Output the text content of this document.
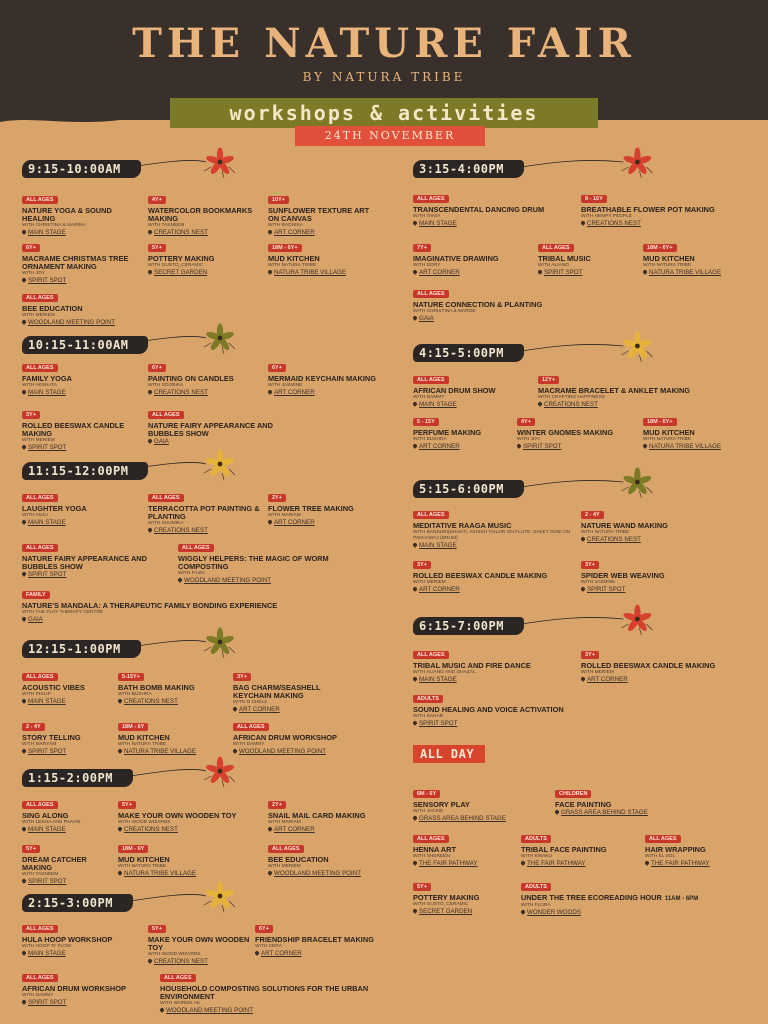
THE NATURE FAIR
BY NATURA TRIBE
workshops & activities
24TH NOVEMBER
9:15-10:00AM
ALL AGES
NATURE YOGA & SOUND HEALING
WITH CHRISTINA & MARINA
MAIN STAGE
4Y+
WATERCOLOR BOOKMARKS MAKING
WITH TASNEEM
CREATIONS NEST
10Y+
SUNFLOWER TEXTURE ART ON CANVAS
WITH RADHIKA
ART CORNER
6Y+
MACRAME CHRISTMAS TREE ORNAMENT MAKING
WITH JOY
SPIRIT SPOT
5Y+
POTTERY MAKING
WITH GUSTO_CERAMIC
SECRET GARDEN
18M - 6Y+
MUD KITCHEN
WITH NATURA TRIBE
NATURA TRIBE VILLAGE
ALL AGES
BEE EDUCATION
WITH MERIEM
WOODLAND MEETING POINT
10:15-11:00AM
ALL AGES
FAMILY YOGA
WITH AKSHATA
MAIN STAGE
6Y+
PAINTING ON CANDLES
WITH SOOBIKA
CREATIONS NEST
6Y+
MERMAID KEYCHAIN MAKING
WITH JASMINE
ART CORNER
3Y+
ROLLED BEESWAX CANDLE MAKING
WITH MERIEM
SPIRIT SPOT
ALL AGES
NATURE FAIRY APPEARANCE AND BUBBLES SHOW
GAIA
11:15-12:00PM
ALL AGES
LAUGHTER YOGA
WITH ANJU
MAIN STAGE
ALL AGES
TERRACOTTA POT PAINTING & PLANTING
WITH SHUMIKA
CREATIONS NEST
2Y+
FLOWER TREE MAKING
WITH MARIAM
ART CORNER
ALL AGES
NATURE FAIRY APPEARANCE AND BUBBLES SHOW
SPIRIT SPOT
ALL AGES
WIGGLY HELPERS: THE MAGIC OF WORM COMPOSTING
WITH FAIZA
WOODLAND MEETING POINT
FAMILY
NATURE'S MANDALA: A THERAPEUTIC FAMILY BONDING EXPERIENCE
WITH THE PLAY THERAPY CENTRE
GAIA
12:15-1:00PM
ALL AGES
ACOUSTIC VIBES
WITH PHILIP
MAIN STAGE
5-15Y+
BATH BOMB MAKING
WITH BUSHRA
CREATIONS NEST
3Y+
BAG CHARM/SEASHELL KEYCHAIN MAKING
WITH O SHELZ
ART CORNER
2 - 4Y
STORY TELLING
WITH MARYAM
SPIRIT SPOT
18M - 6Y
MUD KITCHEN
WITH NATURA TRIBE
NATURA TRIBE VILLAGE
ALL AGES
AFRICAN DRUM WORKSHOP
WITH DAMMY
WOODLAND MEETING POINT
1:15-2:00PM
ALL AGES
SING ALONG
WITH LEKHA AND PAAVNI
MAIN STAGE
5Y+
MAKE YOUR OWN WOODEN TOY
WITH WOOD WIZARDS
CREATIONS NEST
2Y+
SNAIL MAIL CARD MAKING
WITH MARIAM
ART CORNER
5Y+
DREAM CATCHER MAKING
WITH TASNEEM
SPIRIT SPOT
18M - 6Y
MUD KITCHEN
WITH NATURA TRIBE
NATURA TRIBE VILLAGE
ALL AGES
BEE EDUCATION
WITH MERIEM
WOODLAND MEETING POINT
2:15-3:00PM
ALL AGES
HULA HOOP WORKSHOP
WITH HOOP 'N' FLOW
MAIN STAGE
5Y+
MAKE YOUR OWN WOODEN TOY
WITH WOOD WIZARDS
CREATIONS NEST
6Y+
FRIENDSHIP BRACELET MAKING
WITH CERA
ART CORNER
ALL AGES
AFRICAN DRUM WORKSHOP
WITH DAMMY
SPIRIT SPOT
ALL AGES
HOUSEHOLD COMPOSTING SOLUTIONS FOR THE URBAN ENVIRONMENT
WITH WORMS AE
WOODLAND MEETING POINT
3:15-4:00PM
ALL AGES
TRANSCENDENTAL DANCING DRUM
WITH TANIA
MAIN STAGE
8 - 16Y
BREATHABLE FLOWER POT MAKING
WITH HEMPY PEOPLE
CREATIONS NEST
7Y+
IMAGINATIVE DRAWING
WITH DORY
ART CORNER
ALL AGES
TRIBAL MUSIC
WITH ALIANO
SPIRIT SPOT
18M - 6Y+
MUD KITCHEN
WITH NATURA TRIBE
NATURA TRIBE VILLAGE
ALL AGES
NATURE CONNECTION & PLANTING
WITH CHRISTINA & MARGE
GAIA
4:15-5:00PM
ALL AGES
AFRICAN DRUM SHOW
WITH DAMMY
MAIN STAGE
12Y+
MACRAME BRACELET & ANKLET MAKING
WITH CRAFTING HAPPINESS
CREATIONS NEST
5 - 15Y
PERFUME MAKING
WITH BUSHRA
ART CORNER
4Y+
WINTER GNOMES MAKING
WITH JOY
SPIRIT SPOT
18M - 6Y+
MUD KITCHEN
WITH NATURA TRIBE
NATURA TRIBE VILLAGE
5:15-6:00PM
ALL AGES
MEDITATIVE RAAGA MUSIC
WITH BANSURI(SHAKTI, ASHISH TAILOR ON FLUTE, SAKET SONI ON PAKHAWAJ (DRUM)
MAIN STAGE
2 - 4Y
NATURE WAND MAKING
WITH NATURA TRIBE
CREATIONS NEST
3Y+
ROLLED BEESWAX CANDLE MAKING
WITH MERIEM
ART CORNER
3Y+
SPIDER WEB WEAVING
WITH JASMINE
SPIRIT SPOT
6:15-7:00PM
ALL AGES
TRIBAL MUSIC AND FIRE DANCE
WITH ALIANO AND GHAZAL
MAIN STAGE
3Y+
ROLLED BEESWAX CANDLE MAKING
WITH MERIEM
ART CORNER
ADULTS
SOUND HEALING AND VOICE ACTIVATION
WITH SAHAR
SPIRIT SPOT
6M - 6Y
SENSORY PLAY
WITH JACKIE
GRASS AREA BEHIND STAGE
CHILDREN
FACE PAINTING
GRASS AREA BEHIND STAGE
ALL AGES
HENNA ART
WITH SHEREEN
THE FAIR PATHWAY
ADULTS
TRIBAL FACE PAINTING
WITH KWAKU
THE FAIR PATHWAY
ALL AGES
HAIR WRAPPING
WITH EL SOL
THE FAIR PATHWAY
5Y+
POTTERY MAKING
WITH GUSTO_CERAMIC
SECRET GARDEN
ADULTS
UNDER THE TREE ECOREADING HOUR 11AM - 6PM
WITH FLORA
WONDER WOODS
ALL DAY
